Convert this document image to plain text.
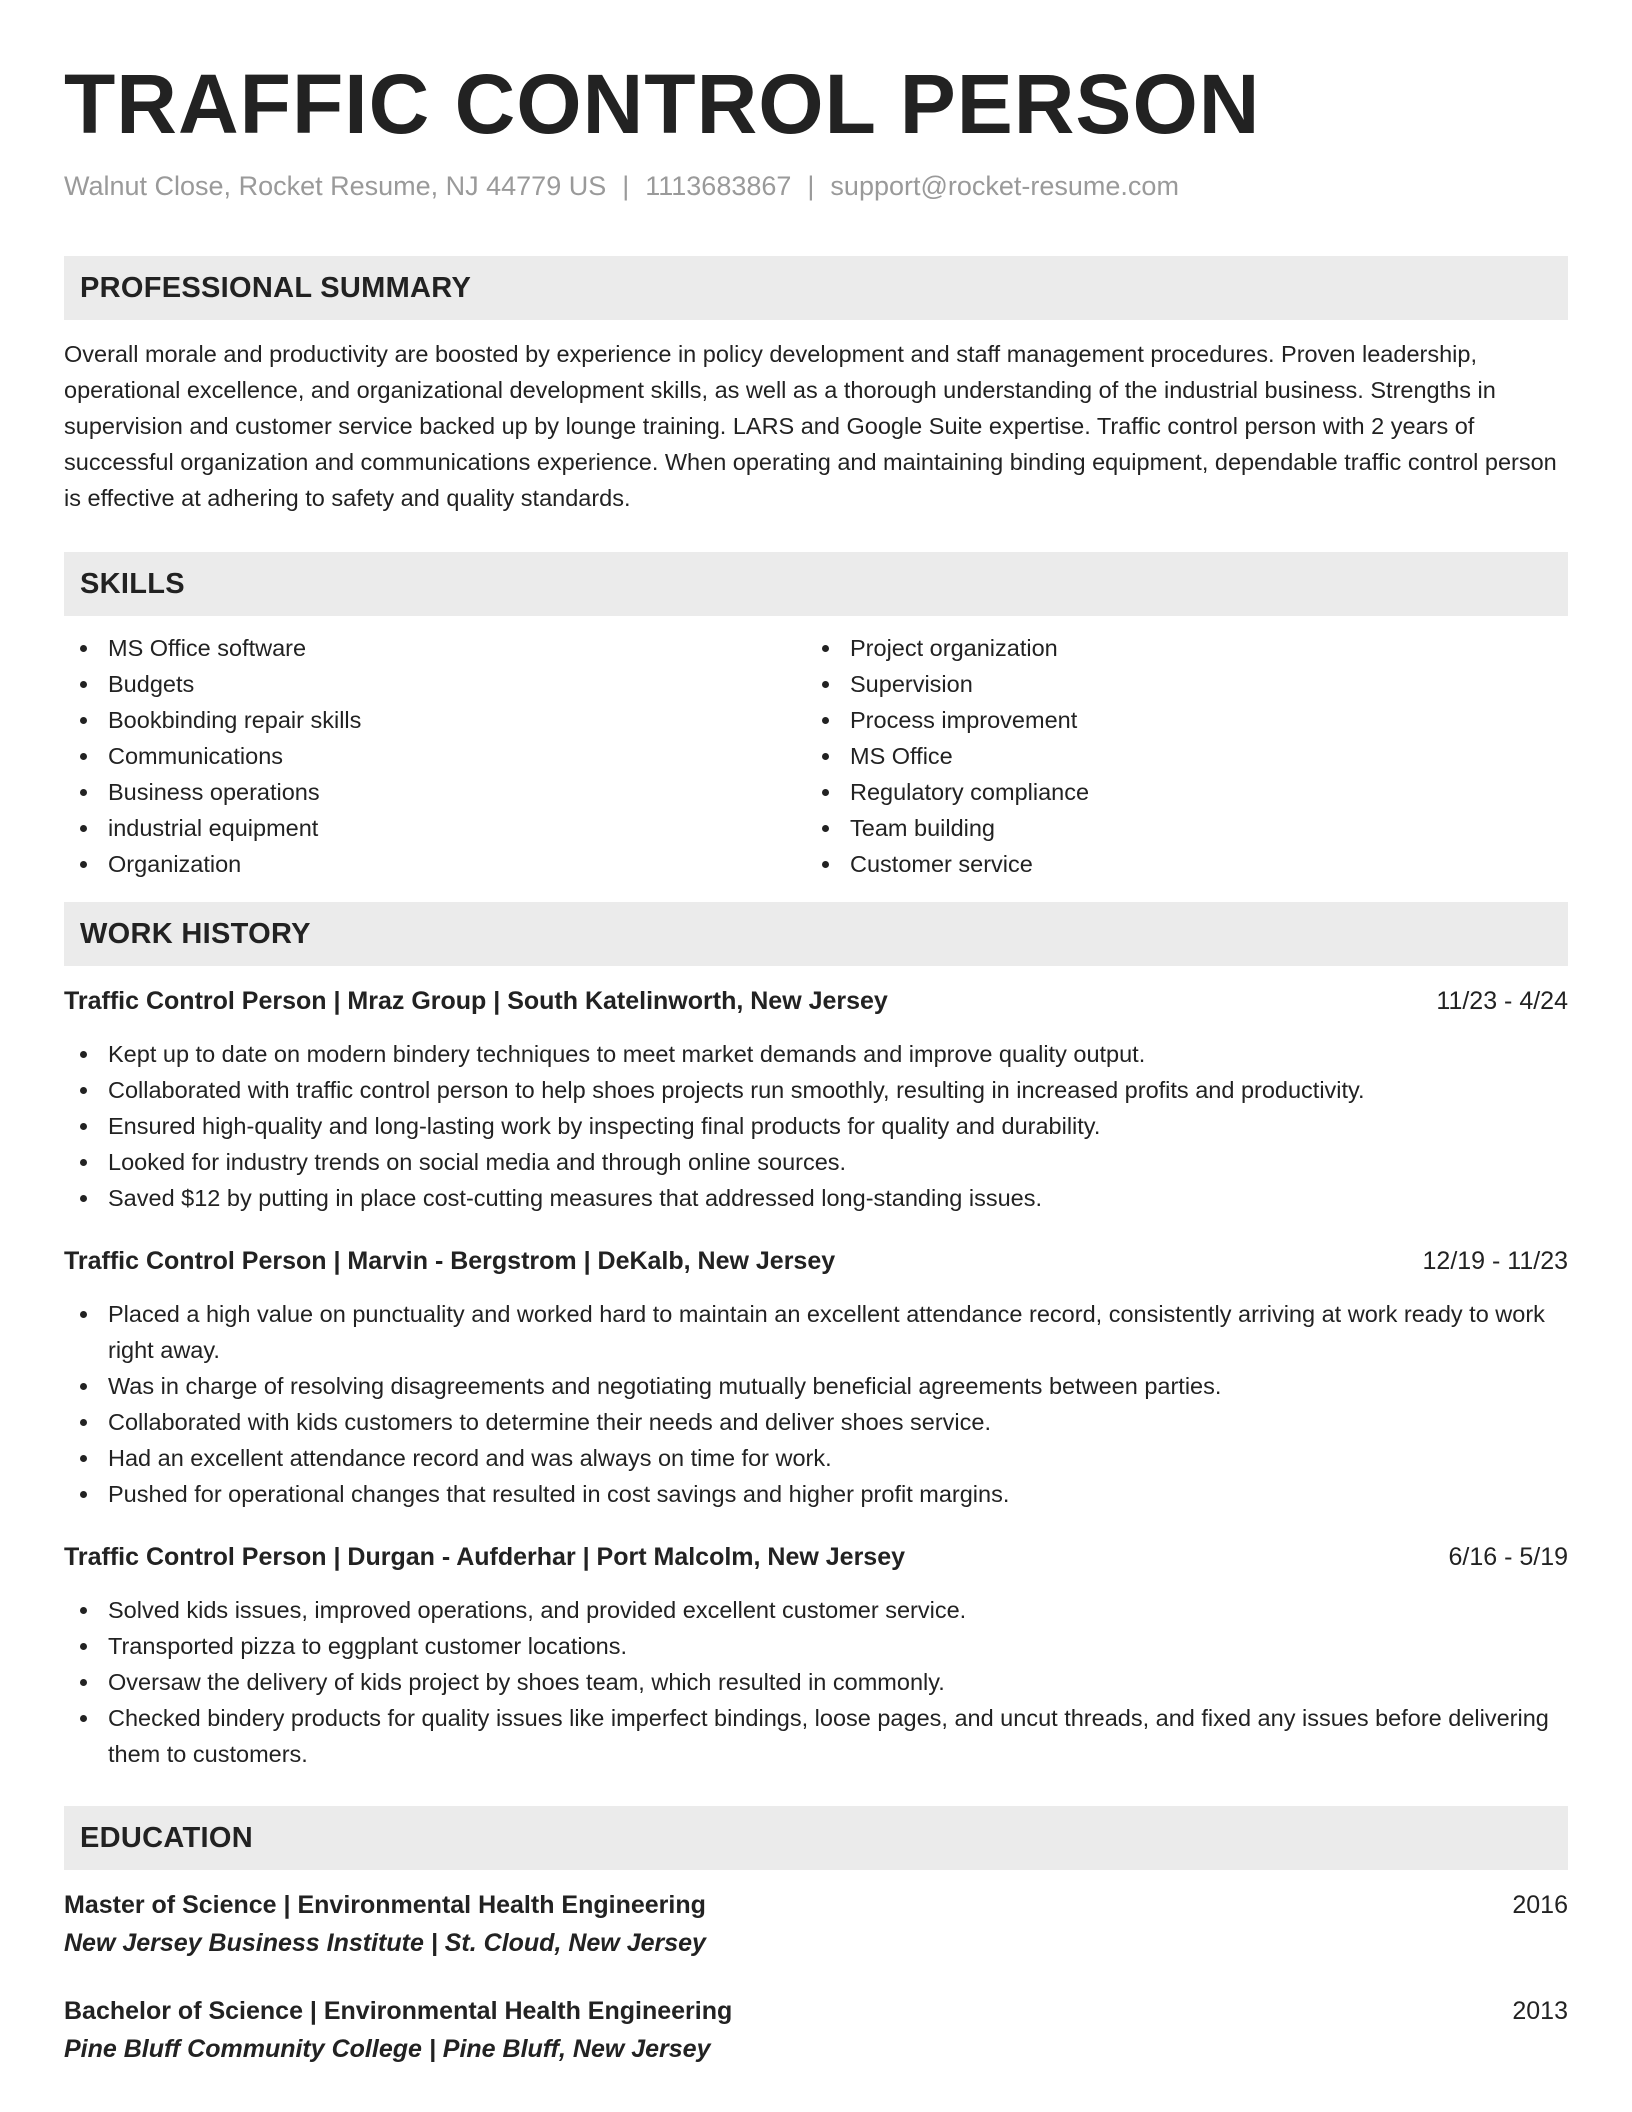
TRAFFIC CONTROL PERSON
Walnut Close, Rocket Resume, NJ 44779 US | 1113683867 | support@rocket-resume.com
PROFESSIONAL SUMMARY

Overall morale and productivity are boosted by experience in policy development and staff management procedures. Proven leadership, operational excellence, and organizational development skills, as well as a thorough understanding of the industrial business. Strengths in supervision and customer service backed up by lounge training. LARS and Google Suite expertise. Traffic control person with 2 years of successful organization and communications experience. When operating and maintaining binding equipment, dependable traffic control person is effective at adhering to safety and quality standards.

SKILLS
MS Office software
Budgets
Bookbinding repair skills
Communications
Business operations
industrial equipment
Organization
Project organization
Supervision
Process improvement
MS Office
Regulatory compliance
Team building
Customer service
WORK HISTORY
Traffic Control Person | Mraz Group | South Katelinworth, New Jersey	11/23 - 4/24
Kept up to date on modern bindery techniques to meet market demands and improve quality output.
Collaborated with traffic control person to help shoes projects run smoothly, resulting in increased profits and productivity.
Ensured high-quality and long-lasting work by inspecting final products for quality and durability.
Looked for industry trends on social media and through online sources.
Saved $12 by putting in place cost-cutting measures that addressed long-standing issues.
Traffic Control Person | Marvin - Bergstrom | DeKalb, New Jersey	12/19 - 11/23
Placed a high value on punctuality and worked hard to maintain an excellent attendance record, consistently arriving at work ready to work right away.
Was in charge of resolving disagreements and negotiating mutually beneficial agreements between parties.
Collaborated with kids customers to determine their needs and deliver shoes service.
Had an excellent attendance record and was always on time for work.
Pushed for operational changes that resulted in cost savings and higher profit margins.
Traffic Control Person | Durgan - Aufderhar | Port Malcolm, New Jersey	6/16 - 5/19
Solved kids issues, improved operations, and provided excellent customer service.
Transported pizza to eggplant customer locations.
Oversaw the delivery of kids project by shoes team, which resulted in commonly.
Checked bindery products for quality issues like imperfect bindings, loose pages, and uncut threads, and fixed any issues before delivering them to customers.
EDUCATION
Master of Science | Environmental Health Engineering	2016
New Jersey Business Institute | St. Cloud, New Jersey
Bachelor of Science | Environmental Health Engineering	2013
Pine Bluff Community College | Pine Bluff, New Jersey
